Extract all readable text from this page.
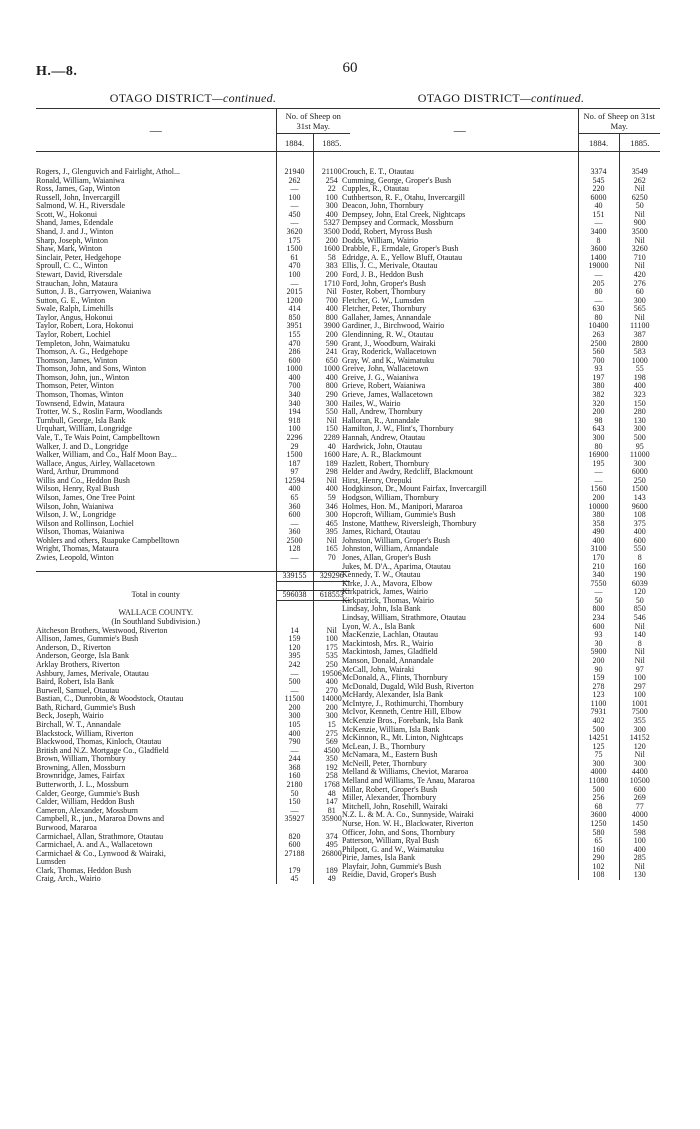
H.—8.	60
OTAGO DISTRICT—continued.
—	No. of Sheep on 31st May.	
	1884.	1885.

Rogers, J., Glenguvich and Fairlight, Athol...	21940	21100
Ronald, William, Waianiwa	262	254
Ross, James, Gap, Winton	—	22
Russell, John, Invercargill	100	100
Salmond, W. H., Riversdale	—	300
Scott, W., Hokonui	450	400
Shand, James, Edendale	—	5327
Shand, J. and J., Winton	3620	3500
Sharp, Joseph, Winton	175	200
Shaw, Mark, Winton	1500	1600
Sinclair, Peter, Hedgehope	61	58
Sproull, C. C., Winton	470	383
Stewart, David, Riversdale	100	200
Strauchan, John, Mataura	—	1710
Sutton, J. B., Garryowen, Waianiwa	2015	Nil
Sutton, G. E., Winton	1200	700
Swale, Ralph, Limehills	414	400
Taylor, Angus, Hokonui	850	800
Taylor, Robert, Lora, Hokonui	3951	3900
Taylor, Robert, Lochiel	155	200
Templeton, John, Waimatuku	470	590
Thomson, A. G., Hedgehope	286	241
Thomson, James, Winton	600	650
Thomson, John, and Sons, Winton	1000	1000
Thomson, John, jun., Winton	400	400
Thomson, Peter, Winton	700	800
Thomson, Thomas, Winton	340	290
Townsend, Edwin, Mataura	340	300
Trotter, W. S., Roslin Farm, Woodlands	194	550
Turnbull, George, Isla Bank	918	Nil
Urquhart, William, Longridge	100	150
Vale, T., Te Wais Point, Campbelltown	2296	2289
Walker, J. and D., Longridge	29	40
Walker, William, and Co., Half Moon Bay...	1500	1600
Wallace, Angus, Airley, Wallacetown	187	189
Ward, Arthur, Drummond	97	298
Willis and Co., Heddon Bush	12594	Nil
Wilson, Henry, Ryal Bush	400	400
Wilson, James, One Tree Point	65	59
Wilson, John, Waianiwa	360	346
Wilson, J. W., Longridge	600	300
Wilson and Rollinson, Lochiel	—	465
Wilson, Thomas, Waianiwa	360	395
Wohlers and others, Ruapuke Campbelltown	2500	Nil
Wright, Thomas, Mataura	128	165
Zwies, Leopold, Winton	—	70

	339155	329296

Total in county	596038	618553

WALLACE COUNTY.		
(In Southland Subdivision.)		
Aitcheson Brothers, Westwood, Riverton	14	Nil
Allison, James, Gummie's Bush	159	100
Anderson, D., Riverton	120	175
Anderson, George, Isla Bank	395	535
Arklay Brothers, Riverton	242	250
Ashbury, James, Merivale, Otautau	—	19506
Baird, Robert, Isla Bank	500	400
Burwell, Samuel, Otautau	—	270
Bastian, C., Dunrobin, & Woodstock, Otautau	11500	14000
Bath, Richard, Gummie's Bush	200	200
Beck, Joseph, Wairio	300	300
Birchall, W. T., Annandale	105	15
Blackstock, William, Riverton	400	275
Blackwood, Thomas, Kinloch, Otautau	790	569
British and N.Z. Mortgage Co., Gladfield	—	4500
Brown, William, Thornbury	244	350
Browning, Allen, Mossburn	368	192
Brownridge, James, Fairfax	160	258
Butterworth, J. L., Mossburn	2180	1768
Calder, George, Gummie's Bush	50	48
Calder, William, Heddon Bush	150	147
Cameron, Alexander, Mossburn	—	81
Campbell, R., jun., Mararoa Downs and	35927	35900
Burwood, Mararoa		
Carmichael, Allan, Strathmore, Otautau	820	374
Carmichael, A. and A., Wallacetown	600	495
Carmichael & Co., Lynwood & Wairaki,	27188	26800
Lumsden		
Clark, Thomas, Heddon Bush	179	189
Craig, Arch., Wairio	45	49
OTAGO DISTRICT—continued.
—	No. of Sheep on 31st May.	
	1884.	1885.

Crouch, E. T., Otautau	3374	3549
Cumming, George, Groper's Bush	545	262
Cupples, R., Otautau	220	Nil
Cuthbertson, R. F., Otahu, Invercargill	6000	6250
Deacon, John, Thornbury	40	50
Dempsey, John, Etal Creek, Nightcaps	151	Nil
Dempsey and Cormack, Mossburn	—	900
Dodd, Robert, Myross Bush	3400	3500
Dodds, William, Wairio	8	Nil
Drabble, F., Ermdale, Groper's Bush	3600	3260
Edridge, A. E., Yellow Bluff, Otautau	1400	710
Ellis, J. C., Merivale, Otautau	19000	Nil
Ford, J. B., Heddon Bush	—	420
Ford, John, Groper's Bush	205	276
Foster, Robert, Thornbury	80	60
Fletcher, G. W., Lumsden	—	300
Fletcher, Peter, Thornbury	630	565
Gallaher, James, Annandale	80	Nil
Gardiner, J., Birchwood, Wairio	10400	11100
Glendinning, R. W., Otautau	263	387
Grant, J., Woodburn, Wairaki	2500	2800
Gray, Roderick, Wallacetown	560	583
Gray, W. and K., Waimatuku	700	1000
Greive, John, Wallacetown	93	55
Greive, J. G., Waianiwa	197	198
Grieve, Robert, Waianiwa	380	400
Grieve, James, Wallacetown	382	323
Hailes, W., Wairio	320	150
Hall, Andrew, Thornbury	200	280
Halloran, R., Annandale	98	130
Hamilton, J. W., Flint's, Thornbury	643	300
Hannah, Andrew, Otautau	300	500
Hardwick, John, Otautau	80	95
Hare, A. R., Blackmount	16900	11000
Hazlett, Robert, Thornbury	195	300
Helder and Awdry, Redcliff, Blackmount	—	6000
Hirst, Henry, Orepuki	—	250
Hodgkinson, Dr., Mount Fairfax, Invercargill	1560	1500
Hodgson, William, Thornbury	200	143
Holmes, Hon. M., Manipori, Mararoa	10000	9600
Hopcroft, William, Gummie's Bush	380	108
Instone, Matthew, Riversleigh, Thornbury	358	375
James, Richard, Otautau	490	400
Johnston, William, Groper's Bush	400	600
Johnston, William, Annandale	3100	550
Jones, Allan, Groper's Bush	170	8
Jukes, M. D'A., Aparima, Otautau	210	160
Kennedy, T. W., Otautau	340	190
Kirke, J. A., Mavora, Elbow	7550	6039
Kirkpatrick, James, Wairio	—	120
Kirkpatrick, Thomas, Wairio	50	50
Lindsay, John, Isla Bank	800	850
Lindsay, William, Strathmore, Otautau	234	546
Lyon, W. A., Isla Bank	600	Nil
MacKenzie, Lachlan, Otautau	93	140
Mackintosh, Mrs. R., Wairio	30	8
Mackintosh, James, Gladfield	5900	Nil
Manson, Donald, Annandale	200	Nil
McCall, John, Wairaki	90	97
McDonald, A., Flints, Thornbury	159	100
McDonald, Dugald, Wild Bush, Riverton	278	297
McHardy, Alexander, Isla Bank	123	100
McIntyre, J., Rothimurchi, Thornbury	1100	1001
McIvor, Kenneth, Centre Hill, Elbow	7931	7500
McKenzie Bros., Forebank, Isla Bank	402	355
McKenzie, William, Isla Bank	500	300
McKinnon, R., Mt. Linton, Nightcaps	14251	14152
McLean, J. B., Thornbury	125	120
McNamara, M., Eastern Bush	75	Nil
McNeill, Peter, Thornbury	300	300
Melland & Williams, Cheviot, Mararoa	4000	4400
Melland and Williams, Te Anau, Mararoa	11080	10500
Millar, Robert, Groper's Bush	500	600
Miller, Alexander, Thornbury	256	269
Mitchell, John, Rosehill, Wairaki	68	77
N.Z. L. & M. A. Co., Sunnyside, Wairaki	3600	4000
Nurse, Hon. W. H., Blackwater, Riverton	1250	1450
Officer, John, and Sons, Thornbury	580	598
Patterson, William, Ryal Bush	65	100
Philpott, G. and W., Waimatuku	160	400
Pirie, James, Isla Bank	290	285
Playfair, John, Gummie's Bush	102	Nil
Reidie, David, Groper's Bush	108	130
